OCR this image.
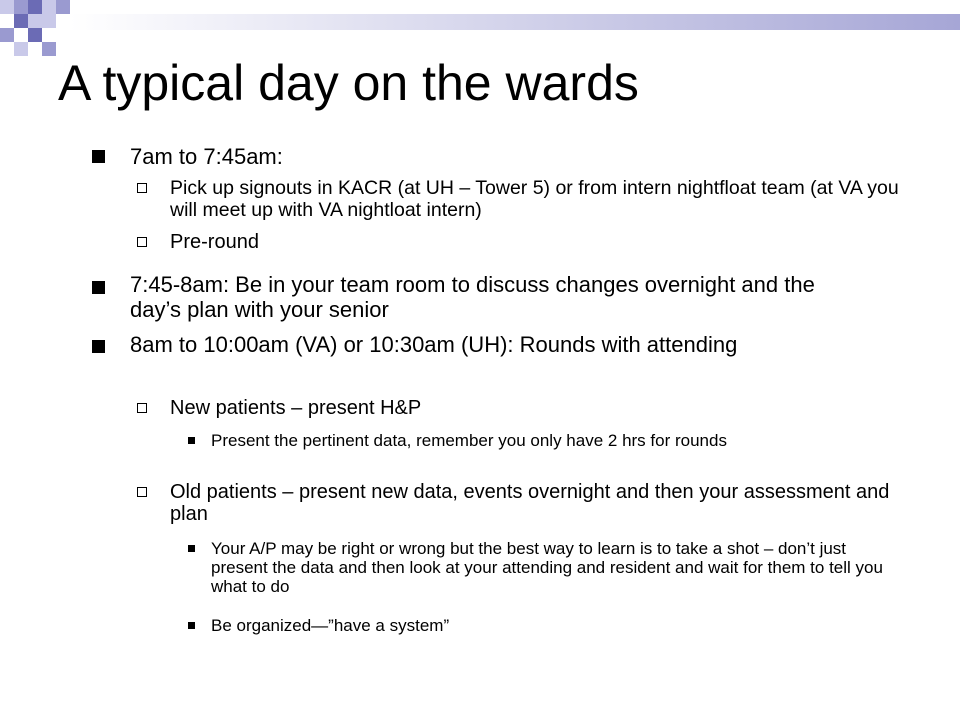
A typical day on the wards
7am to 7:45am:
Pick up signouts in KACR (at UH – Tower 5) or from intern nightfloat team (at VA you will meet up with VA nightloat intern)
Pre-round
7:45-8am: Be in your team room to discuss changes overnight and the day’s plan with your senior
8am to 10:00am (VA) or 10:30am (UH): Rounds with attending
New patients – present H&P
Present the pertinent data, remember you only have 2 hrs for rounds
Old patients – present new data, events overnight and then your assessment and plan
Your A/P may be right or wrong but the best way to learn is to take a shot – don’t just present the data and then look at your attending and resident and wait for them to tell you what to do
Be organized—”have a system”
